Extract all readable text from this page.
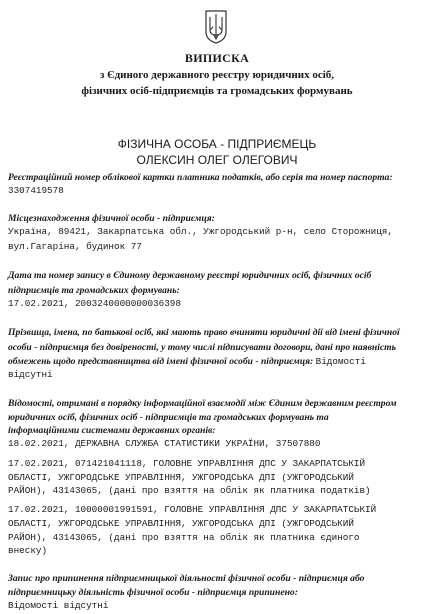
ВИПИСКА
з Єдиного державного реєстру юридичних осіб,
фізичних осіб-підприємців та громадських формувань
ФІЗИЧНА ОСОБА - ПІДПРИЄМЕЦЬ
ОЛЕКСИН ОЛЕГ ОЛЕГОВИЧ
Реєстраційний номер облікової картки платника податків, або серія та номер паспорта:
3307419578
Місцезнаходження фізичної особи - підприємця:
Україна, 89421, Закарпатська обл., Ужгородський р-н, село Сторожниця,
вул.Гагаріна, будинок 77
Дата та номер запису в Єдиному державному реєстрі юридичних осіб, фізичних осіб
підприємців та громадських формувань:
17.02.2021, 2003240000000036398
Прізвища, імена, по батькові осіб, які мають право вчиняти юридичні дії від імені фізичної
особи - підприємця без довіреності, у тому числі підписувати договори, дані про наявність
обмежень щодо представництва від імені фізичної особи - підприємця: Відомості
відсутні
Відомості, отримані в порядку інформаційної взаємодії між Єдиним державним реєстром
юридичних осіб, фізичних осіб - підприємців та громадських формувань та
інформаційними системами державних органів:
18.02.2021, ДЕРЖАВНА СЛУЖБА СТАТИСТИКИ УКРАЇНИ, 37507880
17.02.2021, 071421041118, ГОЛОВНЕ УПРАВЛІННЯ ДПС У ЗАКАРПАТСЬКІЙ
ОБЛАСТІ, УЖГОРОДСЬКЕ УПРАВЛІННЯ, УЖГОРОДСЬКА ДПІ (УЖГОРОДСЬКИЙ
РАЙОН), 43143065, (дані про взяття на облік як платника податків)
17.02.2021, 10000001991591, ГОЛОВНЕ УПРАВЛІННЯ ДПС У ЗАКАРПАТСЬКІЙ
ОБЛАСТІ, УЖГОРОДСЬКЕ УПРАВЛІННЯ, УЖГОРОДСЬКА ДПІ (УЖГОРОДСЬКИЙ
РАЙОН), 43143065, (дані про взяття на облік як платника єдиного
внеску)
Запис про припинення підприємницької діяльності фізичної особи - підприємця або
підприємницьку діяльність фізичної особи - підприємця припинено:
Відомості відсутні
